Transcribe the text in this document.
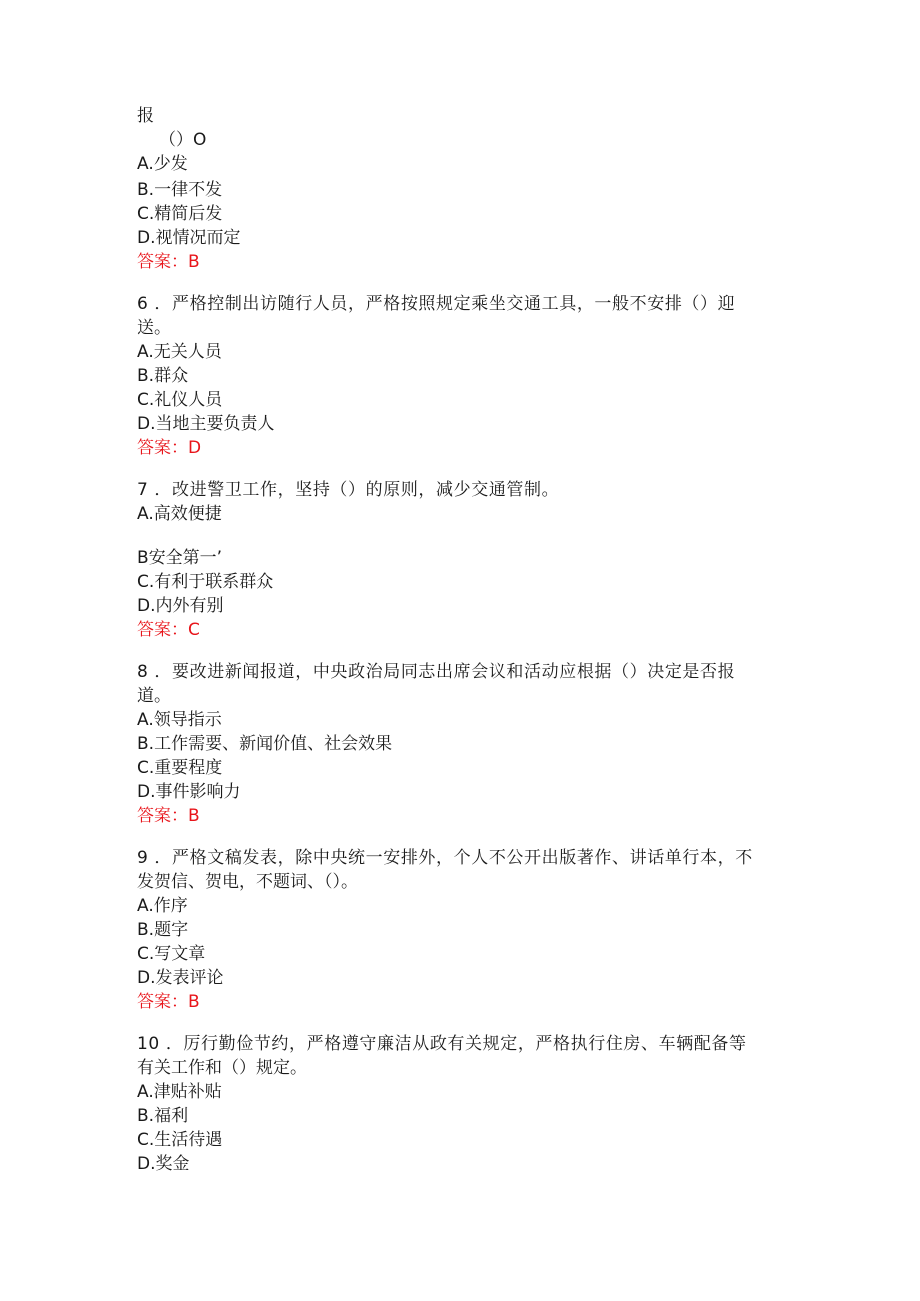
报
（）O
A.少发
B.一律不发
C.精简后发
D.视情况而定
答案：B
6 ．严格控制出访随行人员，严格按照规定乘坐交通工具，一般不安排（）迎
送。
A.无关人员
B.群众
C.礼仪人员
D.当地主要负责人
答案：D
7 ．改进警卫工作，坚持（）的原则，减少交通管制。
A.高效便捷
B安全第一’
C.有利于联系群众
D.内外有别
答案：C
8 ．要改进新闻报道，中央政治局同志出席会议和活动应根据（）决定是否报
道。
A.领导指示
B.工作需要、新闻价值、社会效果
C.重要程度
D.事件影响力
答案：B
9 ．严格文稿发表，除中央统一安排外，个人不公开出版著作、讲话单行本，不
发贺信、贺电，不题词、（）。
A.作序
B.题字
C.写文章
D.发表评论
答案：B
10 ．厉行勤俭节约，严格遵守廉洁从政有关规定，严格执行住房、车辆配备等
有关工作和（）规定。
A.津贴补贴
B.福利
C.生活待遇
D.奖金
